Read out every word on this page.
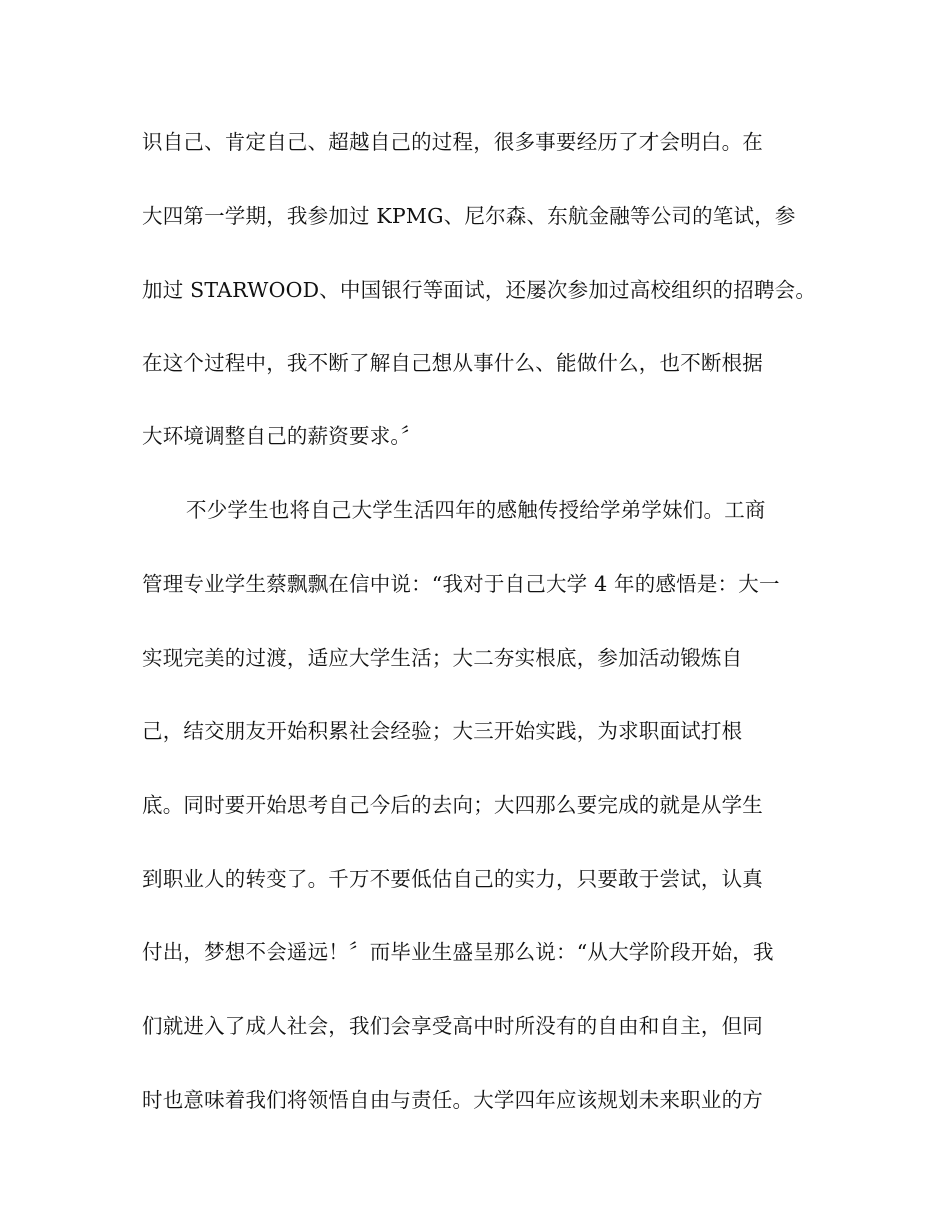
识自己、肯定自己、超越自己的过程，很多事要经历了才会明白。在
大四第一学期，我参加过 KPMG、尼尔森、东航金融等公司的笔试，参
加过 STARWOOD、中国银行等面试，还屡次参加过高校组织的招聘会。
在这个过程中，我不断了解自己想从事什么、能做什么，也不断根据
大环境调整自己的薪资要求。〞
不少学生也将自己大学生活四年的感触传授给学弟学妹们。工商
管理专业学生蔡飘飘在信中说：“我对于自己大学 4 年的感悟是：大一
实现完美的过渡，适应大学生活；大二夯实根底，参加活动锻炼自
己，结交朋友开始积累社会经验；大三开始实践，为求职面试打根
底。同时要开始思考自己今后的去向；大四那么要完成的就是从学生
到职业人的转变了。千万不要低估自己的实力，只要敢于尝试，认真
付出，梦想不会遥远！〞而毕业生盛呈那么说：“从大学阶段开始，我
们就进入了成人社会，我们会享受高中时所没有的自由和自主，但同
时也意味着我们将领悟自由与责任。大学四年应该规划未来职业的方
